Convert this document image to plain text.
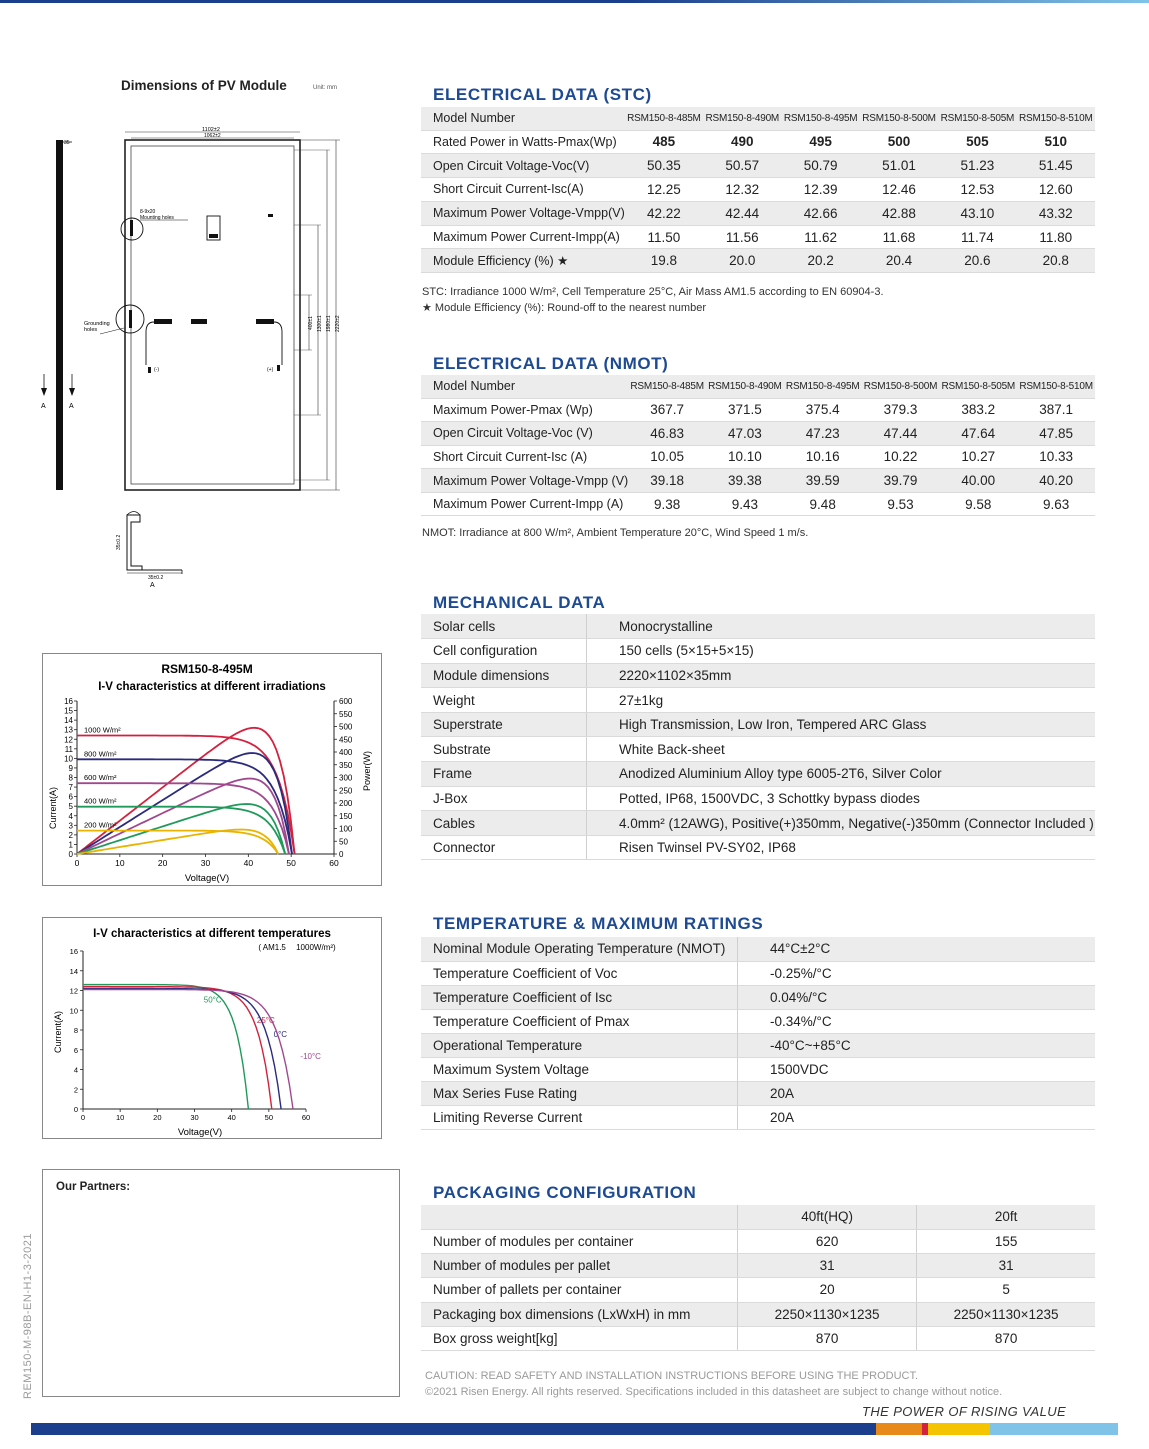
Dimensions of PV Module	Unit: mm
35
A	A
1102±2
1062±2
8-9x20
Mounting holes
Grounding
holes
(-)	(+)
400±1 1300±1 1980±1 2220±2
35±0.2
35±0.2
A
RSM150-8-495M
I-V characteristics at different irradiations
Voltage(V)
Current(A)
Power(W)
0	10	20	30	40	50	60
0
1
2
3
4
5
6
7
8
9
10
11
12
13
14
15
16
0
50
100
150
200
250
300
350
400
450
500
550
600
1000 W/m²
800 W/m²
600 W/m²
400 W/m²
200 W/m²
I-V characteristics at different temperatures
( AM1.5　 1000W/m²)
Voltage(V)
Current(A)
0	10	20	30	40	50	60
0
2
4
6
8
10
12
14
16
50°C
25°C
0°C
-10°C
Our Partners:
REM150-M-98B-EN-H1-3-2021
ELECTRICAL DATA (STC)
Model Number	RSM150-8-485M	RSM150-8-490M	RSM150-8-495M	RSM150-8-500M	RSM150-8-505M	RSM150-8-510M
Rated Power in Watts-Pmax(Wp)	485	490	495	500	505	510
Open Circuit Voltage-Voc(V)	50.35	50.57	50.79	51.01	51.23	51.45
Short Circuit Current-Isc(A)	12.25	12.32	12.39	12.46	12.53	12.60
Maximum Power Voltage-Vmpp(V)	42.22	42.44	42.66	42.88	43.10	43.32
Maximum Power Current-Impp(A)	11.50	11.56	11.62	11.68	11.74	11.80
Module Efficiency (%) ★	19.8	20.0	20.2	20.4	20.6	20.8
STC: Irradiance 1000 W/m², Cell Temperature 25°C, Air Mass AM1.5 according to EN 60904-3.
★ Module Efficiency (%): Round-off to the nearest number
ELECTRICAL DATA (NMOT)
Model Number	RSM150-8-485M	RSM150-8-490M	RSM150-8-495M	RSM150-8-500M	RSM150-8-505M	RSM150-8-510M
Maximum Power-Pmax (Wp)	367.7	371.5	375.4	379.3	383.2	387.1
Open Circuit Voltage-Voc (V)	46.83	47.03	47.23	47.44	47.64	47.85
Short Circuit Current-Isc (A)	10.05	10.10	10.16	10.22	10.27	10.33
Maximum Power Voltage-Vmpp (V)	39.18	39.38	39.59	39.79	40.00	40.20
Maximum Power Current-Impp (A)	9.38	9.43	9.48	9.53	9.58	9.63
NMOT: Irradiance at 800 W/m², Ambient Temperature 20°C, Wind Speed 1 m/s.
MECHANICAL DATA
Solar cells	Monocrystalline
Cell configuration	150 cells (5×15+5×15)
Module dimensions	2220×1102×35mm
Weight	27±1kg
Superstrate	High Transmission, Low Iron, Tempered ARC Glass
Substrate	White Back-sheet
Frame	Anodized Aluminium Alloy type 6005-2T6, Silver Color
J-Box	Potted, IP68, 1500VDC, 3 Schottky bypass diodes
Cables	4.0mm² (12AWG), Positive(+)350mm, Negative(-)350mm (Connector Included )
Connector	Risen Twinsel PV-SY02, IP68
TEMPERATURE & MAXIMUM RATINGS
Nominal Module Operating Temperature (NMOT)	44°C±2°C
Temperature Coefficient of Voc	-0.25%/°C
Temperature Coefficient of Isc	0.04%/°C
Temperature Coefficient of Pmax	-0.34%/°C
Operational Temperature	-40°C~+85°C
Maximum System Voltage	1500VDC
Max Series Fuse Rating	20A
Limiting Reverse Current	20A
PACKAGING CONFIGURATION
	40ft(HQ)	20ft
Number of modules per container	620	155
Number of modules per pallet	31	31
Number of pallets per container	20	5
Packaging box dimensions (LxWxH) in mm	2250×1130×1235	2250×1130×1235
Box gross weight[kg]	870	870
CAUTION: READ SAFETY AND INSTALLATION INSTRUCTIONS BEFORE USING THE PRODUCT.
©2021 Risen Energy. All rights reserved. Specifications included in this datasheet are subject to change without notice.
THE POWER OF RISING VALUE
